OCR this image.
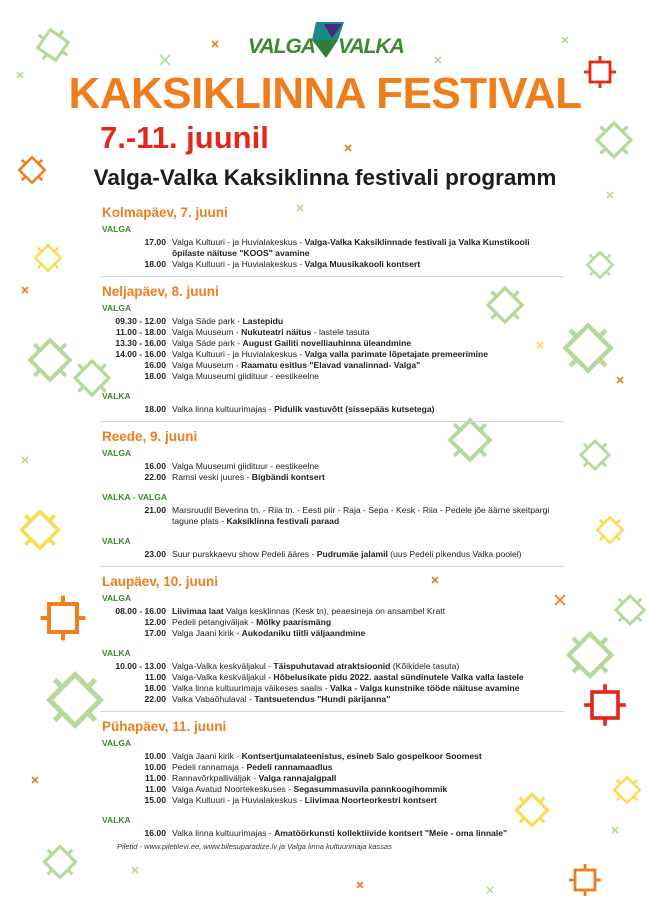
VALGA VALKA
KAKSIKLINNA FESTIVAL
7.-11. juunil
Valga-Valka Kaksiklinna festivali programm
Kolmapäev, 7. juuni
VALGA
17.00 Valga Kultuuri - ja Huvialakeskus - Valga-Valka Kaksiklinnade festivali ja Valka Kunstikooli õpilaste näituse "KOOS" avamine
18.00 Valga Kultuuri - ja Huvialakeskus - Valga Muusikakooli kontsert
Neljapäev, 8. juuni
VALGA
09.30 - 12.00 Valga Säde park - Lastepidu
11.00 - 18.00 Valga Muuseum - Nukuteatri näitus - lastele tasuta
13.30 - 16.00 Valga Säde park - August Gailiti novelliauhinna üleandmine
14.00 - 16.00 Valga Kultuuri - ja Huvialakeskus - Valga valla parimate lõpetajate premeerimine
16.00 Valga Muuseum - Raamatu esitlus "Elavad vanalinnad- Valga"
18.00 Valga Muuseumi giidituur - eestikeelne
VALKA
18.00 Valka linna kultuurimajas - Pidulik vastuvõtt (sissepääs kutsetega)
Reede, 9. juuni
VALGA
16.00 Valga Muuseumi giidituur - eestikeelne
22.00 Ramsi veski juures - Bigbändi kontsert
VALKA - VALGA
21.00 Marsruudil Beverina tn. - Riia tn. - Eesti piir - Raja - Sepa - Kesk - Riia - Pedele jõe äärne skeitpargi tagune plats - Kaksiklinna festivali paraad
VALKA
23.00 Suur purskkaevu show Pedeli ääres - Pudrumäe jalamil (uus Pedeli pikendus Valka poolel)
Laupäev, 10. juuni
VALGA
08.00 - 16.00 Liivimaa laat Valga kesklinnas (Kesk tn), peaesineja on ansambel Kratt
12.00 Pedeli petangiväljak - Mölky paarismäng
17.00 Valga Jaani kirik - Aukodaniku tiitli väljaandmine
VALKA
10.00 - 13.00 Valga-Valka keskväljakul - Täispuhutavad atraktsioonid (Kõikidele tasuta)
11.00 Valga-Valka keskväljakul - Hõbelusikate pidu 2022. aastal sündinutele Valka valla lastele
18.00 Valka linna kultuurimaja väikeses saalis - Valka - Valga kunstnike tööde näituse avamine
22.00 Valka Vabaõhulaval - Tantsuetendus "Hundi pärijanna"
Pühapäev, 11. juuni
VALGA
10.00 Valga Jaani kirik - Kontsertjumalateenistus, esineb Salo gospelkoor Soomest
10.00 Pedeli rannamaja - Pedeli rannamaadlus
11.00 Rannavõrkpalliväljak - Valga rannajalgpall
11.00 Valga Avatud Noortekeskuses - Segasummasuvila pannkoogihommik
15.00 Valga Kultuuri - ja Huvialakeskus - Liivimaa Noorteorkestri kontsert
VALKA
16.00 Valka linna kultuurimajas - Amatöörkunsti kollektiivide kontsert "Meie - oma linnale"
Piletid - www.piletilevi.ee, www.bilesuparadize.lv ja Valga linna kultuurimaja kassas
